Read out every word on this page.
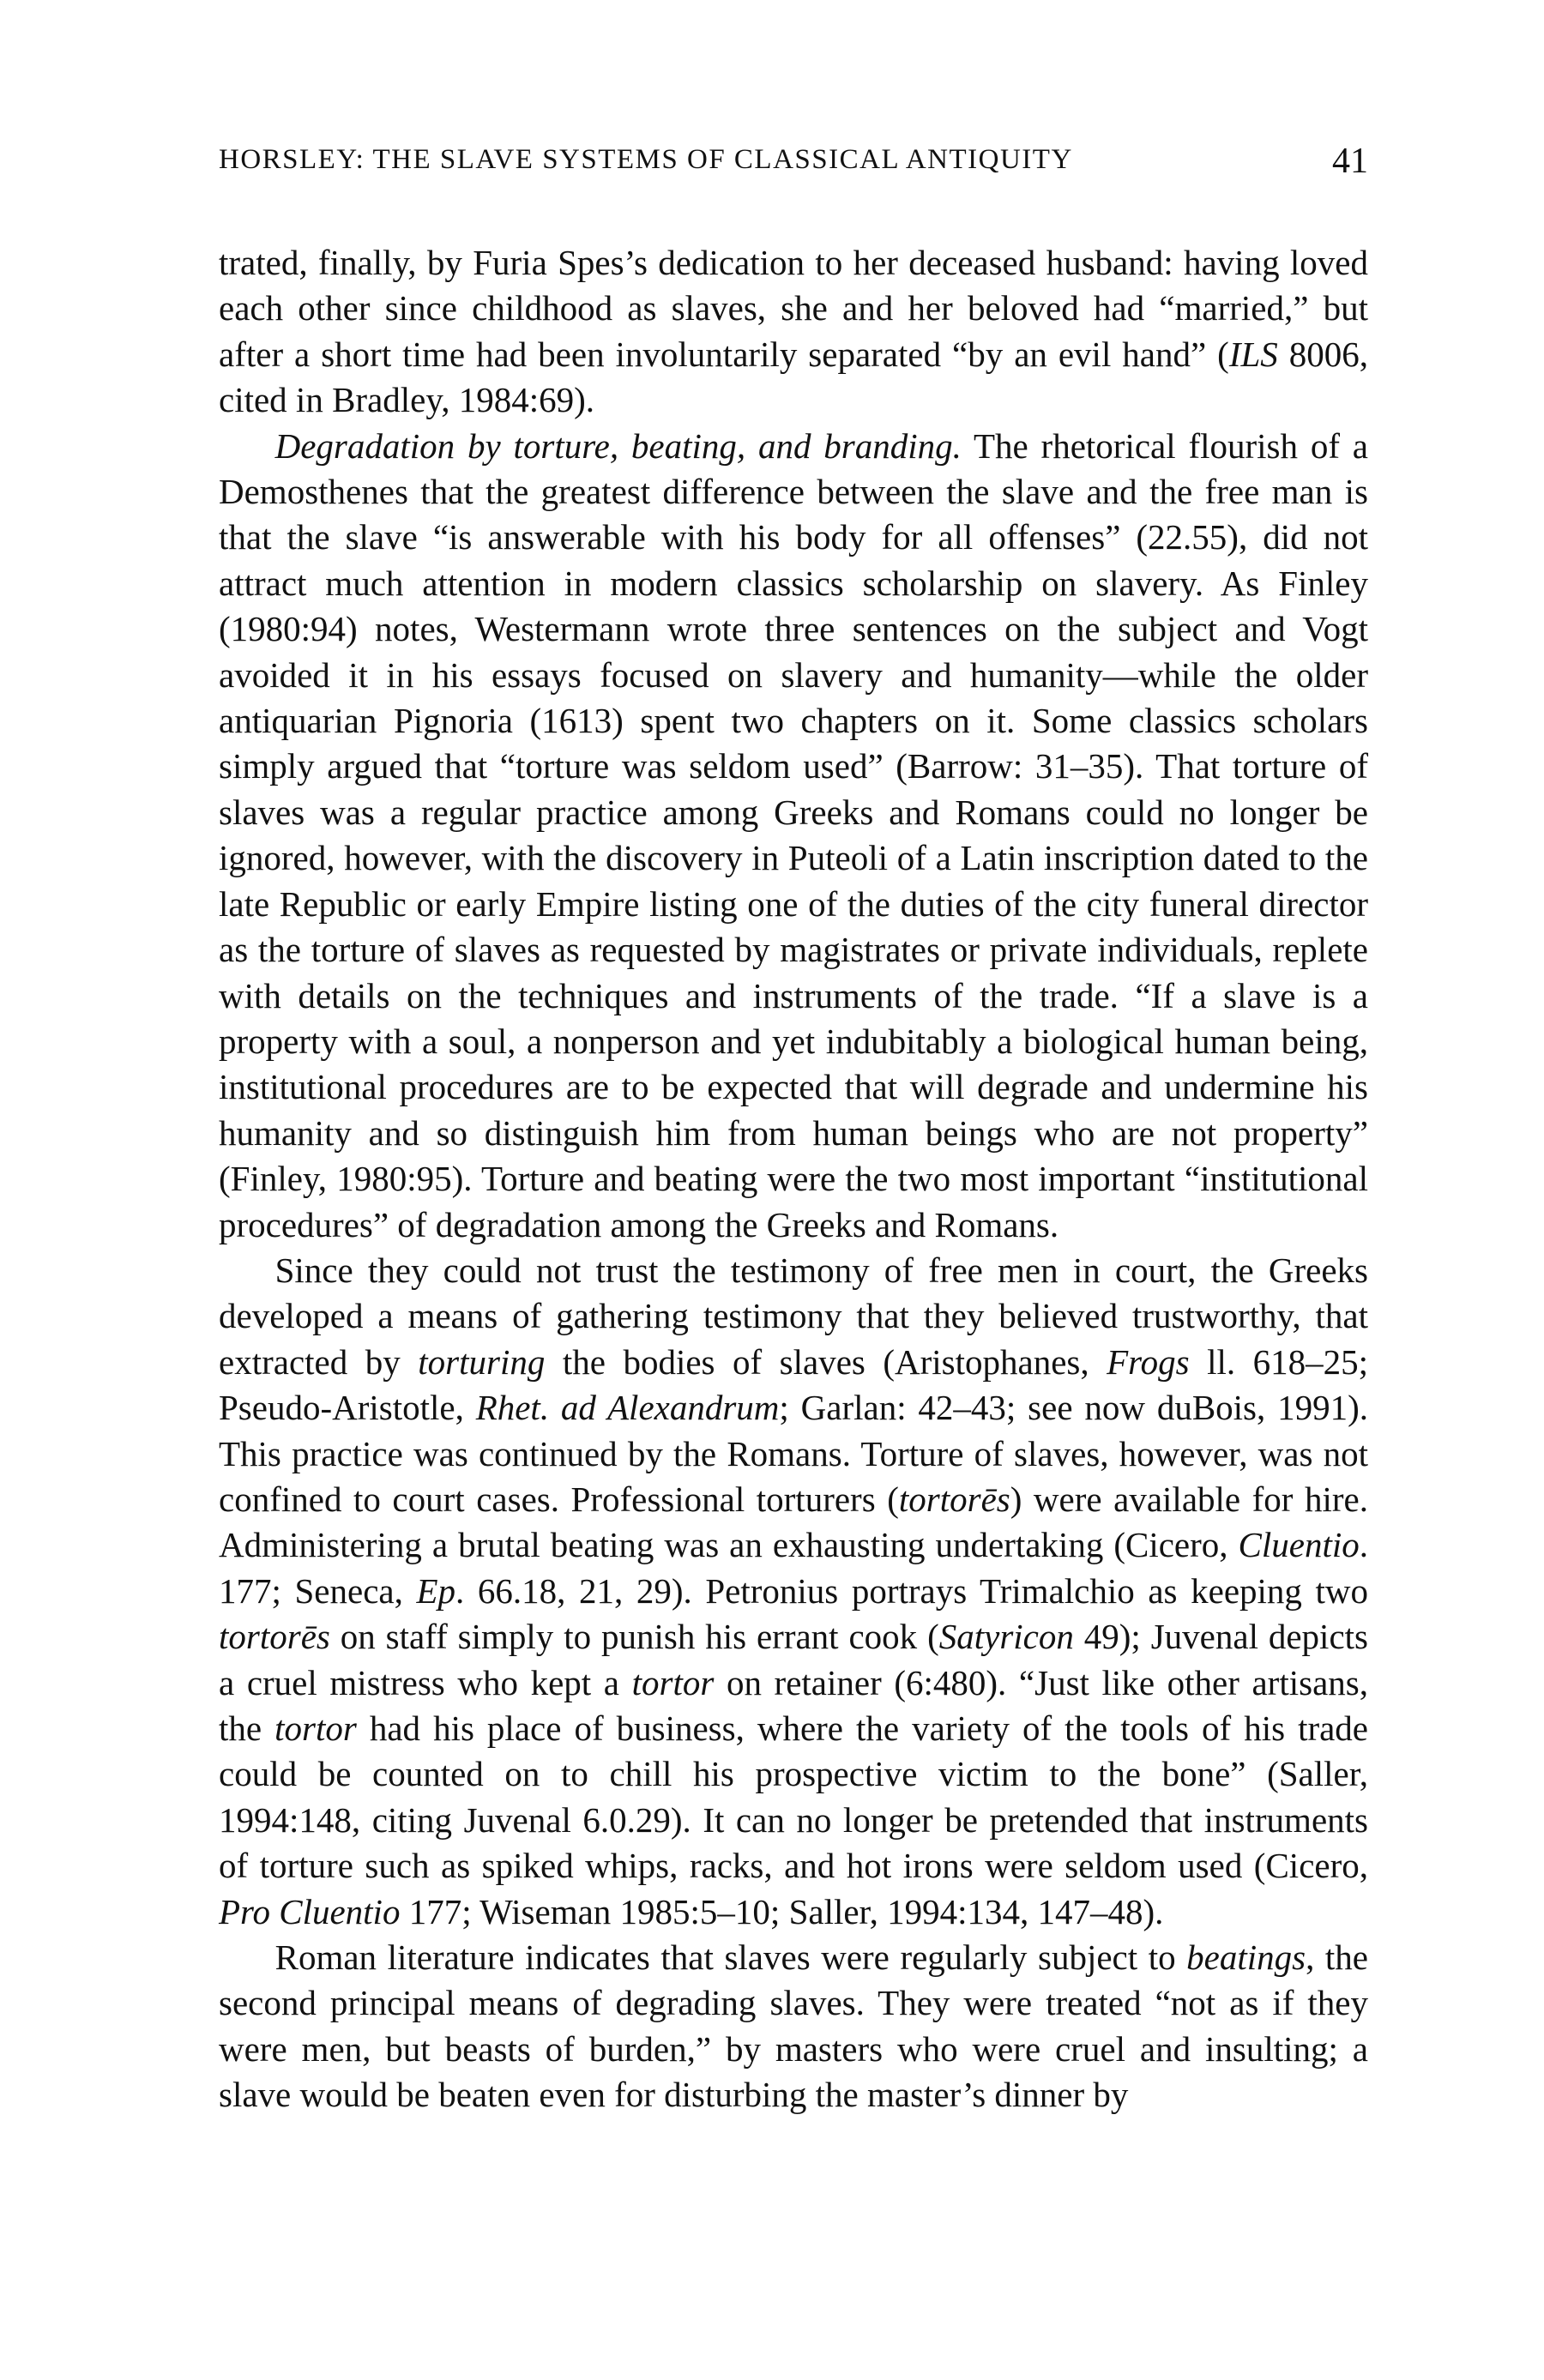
HORSLEY: THE SLAVE SYSTEMS OF CLASSICAL ANTIQUITY	41

trated, finally, by Furia Spes’s dedication to her deceased husband: having loved each other since childhood as slaves, she and her beloved had “married,” but after a short time had been involuntarily separated “by an evil hand” (ILS 8006, cited in Bradley, 1984:69).

Degradation by torture, beating, and branding. The rhetorical flourish of a Demosthenes that the greatest difference between the slave and the free man is that the slave “is answerable with his body for all offenses” (22.55), did not attract much attention in modern classics scholarship on slavery. As Finley (1980:94) notes, Westermann wrote three sentences on the subject and Vogt avoided it in his essays focused on slavery and humanity—while the older antiquarian Pignoria (1613) spent two chapters on it. Some classics scholars simply argued that “torture was seldom used” (Barrow: 31–35). That torture of slaves was a regular practice among Greeks and Romans could no longer be ignored, however, with the discovery in Puteoli of a Latin inscription dated to the late Republic or early Empire listing one of the duties of the city funeral director as the torture of slaves as requested by magistrates or private individuals, replete with details on the techniques and instruments of the trade. “If a slave is a property with a soul, a nonperson and yet indubitably a biological human being, institutional procedures are to be expected that will degrade and undermine his humanity and so distinguish him from human beings who are not property” (Finley, 1980:95). Torture and beating were the two most important “institutional procedures” of degradation among the Greeks and Romans.

Since they could not trust the testimony of free men in court, the Greeks developed a means of gathering testimony that they believed trustworthy, that extracted by torturing the bodies of slaves (Aristophanes, Frogs ll. 618–25; Pseudo-Aristotle, Rhet. ad Alexandrum; Garlan: 42–43; see now duBois, 1991). This practice was continued by the Romans. Torture of slaves, however, was not confined to court cases. Professional torturers (tortorēs) were available for hire. Administering a brutal beating was an exhausting undertaking (Cicero, Cluentio. 177; Seneca, Ep. 66.18, 21, 29). Petronius portrays Trimalchio as keeping two tortorēs on staff simply to punish his errant cook (Satyricon 49); Juvenal depicts a cruel mistress who kept a tortor on retainer (6:480). “Just like other artisans, the tortor had his place of business, where the variety of the tools of his trade could be counted on to chill his prospective victim to the bone” (Saller, 1994:148, citing Juvenal 6.0.29). It can no longer be pretended that instruments of torture such as spiked whips, racks, and hot irons were seldom used (Cicero, Pro Cluentio 177; Wiseman 1985:5–10; Saller, 1994:134, 147–48).

Roman literature indicates that slaves were regularly subject to beatings, the second principal means of degrading slaves. They were treated “not as if they were men, but beasts of burden,” by masters who were cruel and insulting; a slave would be beaten even for disturbing the master’s dinner by
